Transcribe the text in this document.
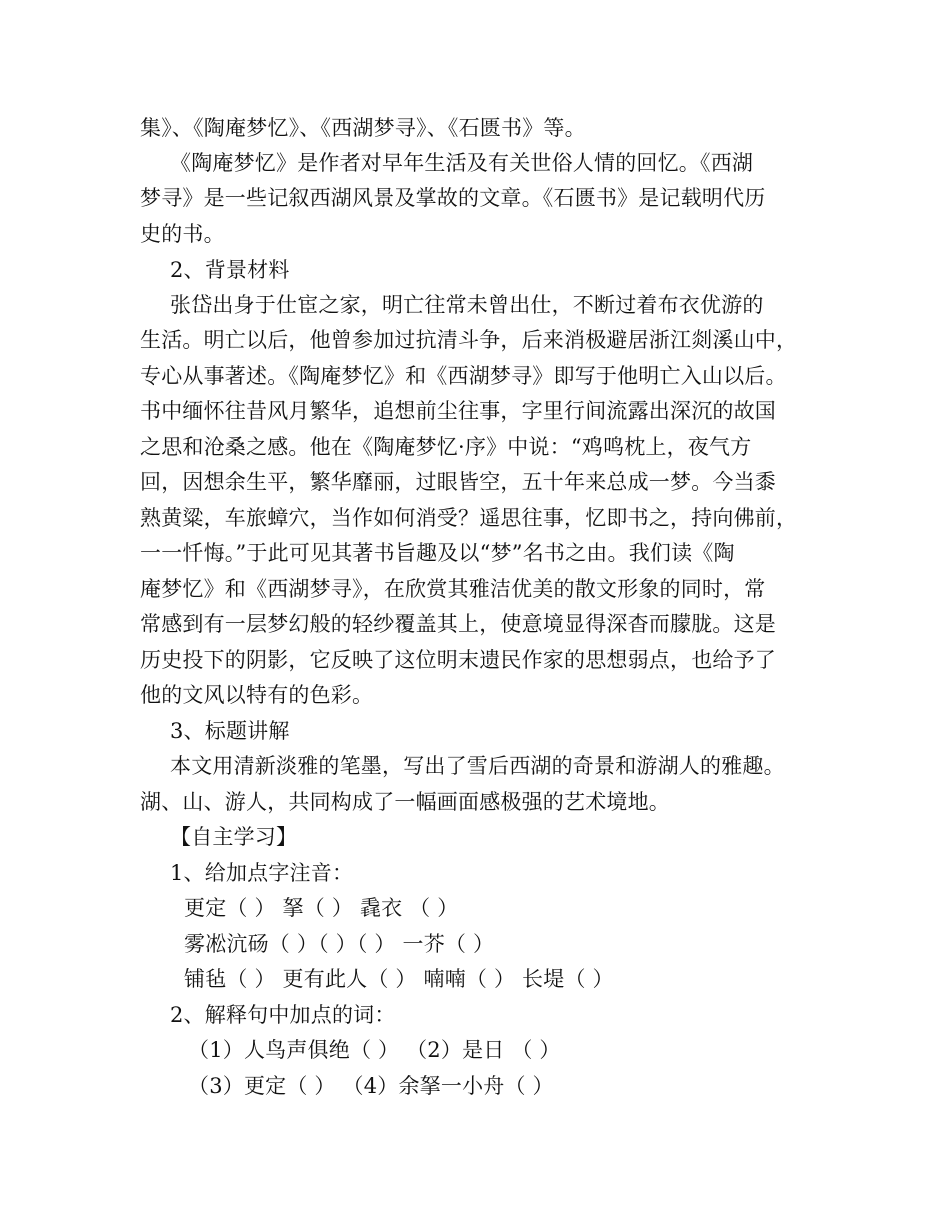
集》、《陶庵梦忆》、《西湖梦寻》、《石匮书》等。
《陶庵梦忆》是作者对早年生活及有关世俗人情的回忆。《西湖
梦寻》是一些记叙西湖风景及掌故的文章。《石匮书》是记载明代历
史的书。
2、背景材料
张岱出身于仕宦之家，明亡往常未曾出仕，不断过着布衣优游的
生活。明亡以后，他曾参加过抗清斗争，后来消极避居浙江剡溪山中，
专心从事著述。《陶庵梦忆》和《西湖梦寻》即写于他明亡入山以后。
书中缅怀往昔风月繁华，追想前尘往事，字里行间流露出深沉的故国
之思和沧桑之感。他在《陶庵梦忆·序》中说：“鸡鸣枕上，夜气方
回，因想余生平，繁华靡丽，过眼皆空，五十年来总成一梦。今当黍
熟黄粱，车旅蟑穴，当作如何消受？遥思往事，忆即书之，持向佛前，
一一忏悔。”于此可见其著书旨趣及以“梦”名书之由。我们读《陶
庵梦忆》和《西湖梦寻》，在欣赏其雅洁优美的散文形象的同时，常
常感到有一层梦幻般的轻纱覆盖其上，使意境显得深杳而朦胧。这是
历史投下的阴影，它反映了这位明末遗民作家的思想弱点，也给予了
他的文风以特有的色彩。
3、标题讲解
本文用清新淡雅的笔墨，写出了雪后西湖的奇景和游湖人的雅趣。
湖、山、游人，共同构成了一幅画面感极强的艺术境地。
【自主学习】
1、给加点字注音：
更定（ ） 拏（ ） 毳衣 （ ）
雾凇沆砀（ ）（ ）（ ） 一芥（ ）
铺毡（ ） 更有此人（ ） 喃喃（ ） 长堤（ ）
2、解释句中加点的词：
（1）人鸟声俱绝（ ） （2）是日 （ ）
（3）更定（ ） （4）余拏一小舟（ ）
